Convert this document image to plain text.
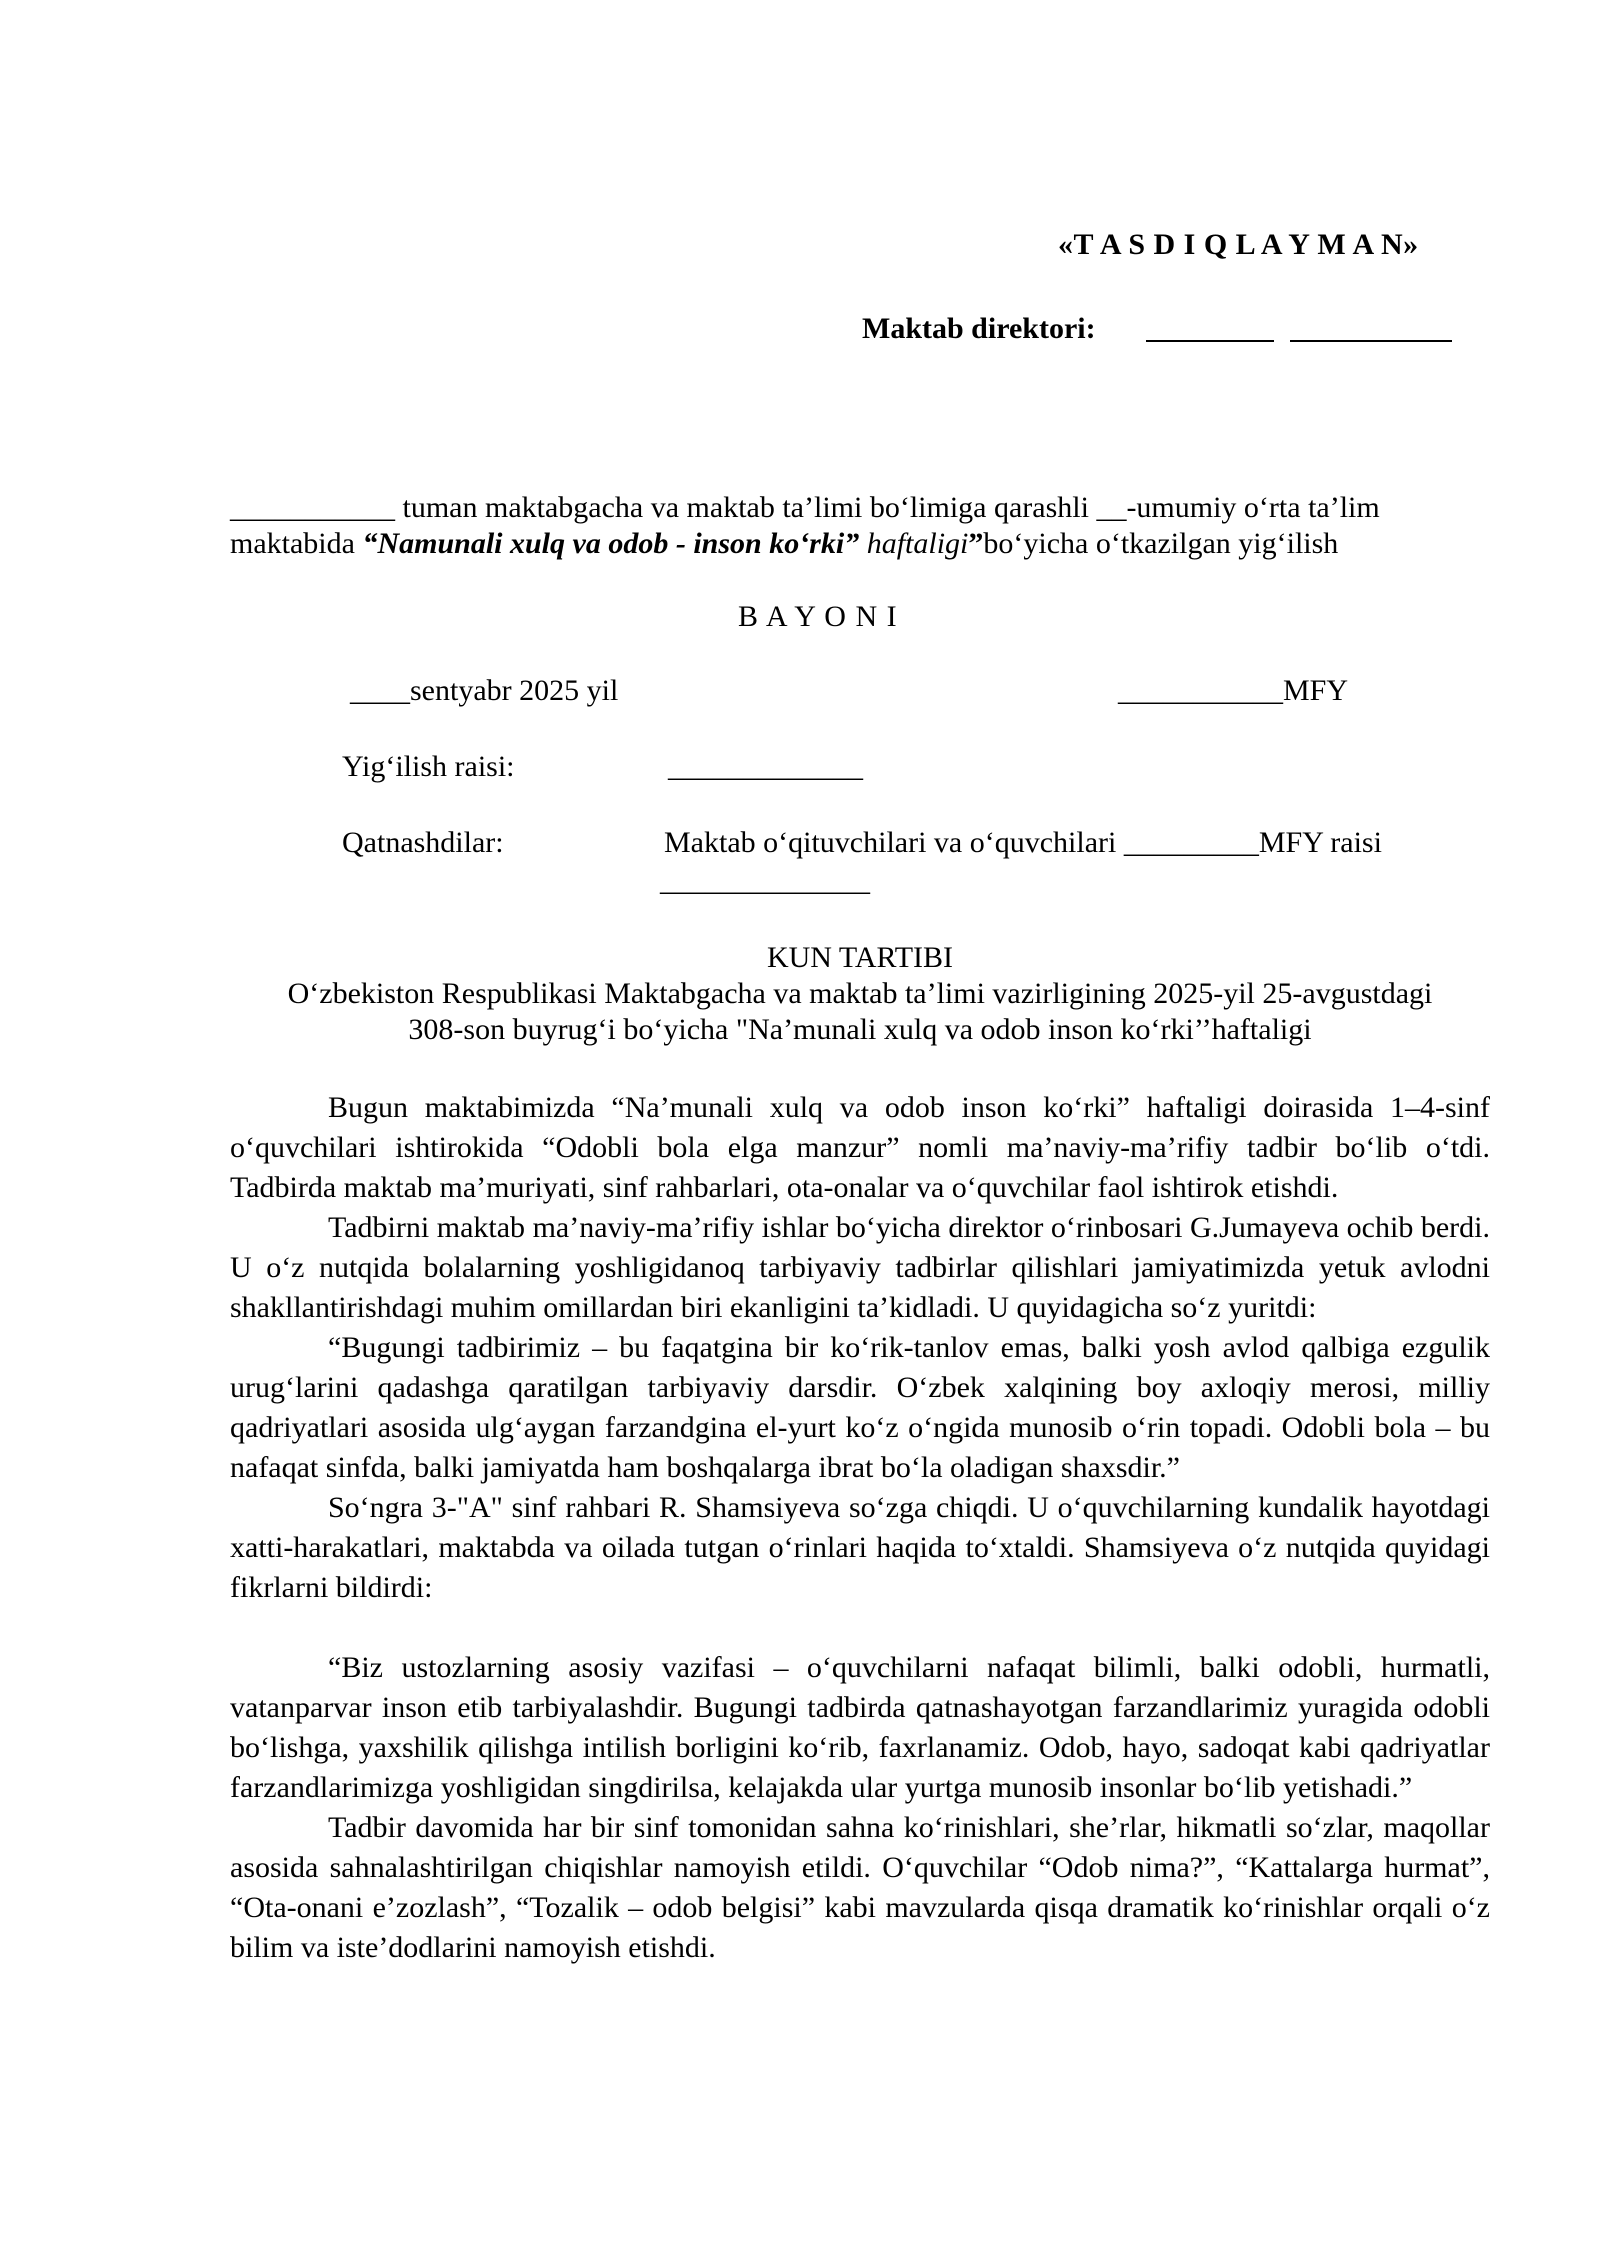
«T A S D I Q L A Y M A N»
Maktab direktori:
___________ tuman maktabgacha va maktab ta’limi bo‘limiga qarashli __-umumiy o‘rta ta’lim
maktabida “Namunali xulq va odob - inson ko‘rki” haftaligi”bo‘yicha o‘tkazilgan yig‘ilish
B A Y O N I
____sentyabr 2025 yil	___________MFY
Yig‘ilish raisi:	_____________
Qatnashdilar:	Maktab o‘qituvchilari va o‘quvchilari _________MFY raisi
______________
KUN TARTIBI
O‘zbekiston Respublikasi Maktabgacha va maktab ta’limi vazirligining 2025-yil 25-avgustdagi
308-son buyrug‘i bo‘yicha "Na’munali xulq va odob inson ko‘rki’’haftaligi

Bugun maktabimizda “Na’munali xulq va odob inson ko‘rki” haftaligi doirasida 1–4-sinf o‘quvchilari ishtirokida “Odobli bola elga manzur” nomli ma’naviy-ma’rifiy tadbir bo‘lib o‘tdi. Tadbirda maktab ma’muriyati, sinf rahbarlari, ota-onalar va o‘quvchilar faol ishtirok etishdi.

Tadbirni maktab ma’naviy-ma’rifiy ishlar bo‘yicha direktor o‘rinbosari G.Jumayeva ochib berdi. U o‘z nutqida bolalarning yoshligidanoq tarbiyaviy tadbirlar qilishlari jamiyatimizda yetuk avlodni shakllantirishdagi muhim omillardan biri ekanligini ta’kidladi. U quyidagicha so‘z yuritdi:

“Bugungi tadbirimiz – bu faqatgina bir ko‘rik-tanlov emas, balki yosh avlod qalbiga ezgulik urug‘larini qadashga qaratilgan tarbiyaviy darsdir. O‘zbek xalqining boy axloqiy merosi, milliy qadriyatlari asosida ulg‘aygan farzandgina el-yurt ko‘z o‘ngida munosib o‘rin topadi. Odobli bola – bu nafaqat sinfda, balki jamiyatda ham boshqalarga ibrat bo‘la oladigan shaxsdir.”

So‘ngra 3-"A" sinf rahbari R. Shamsiyeva so‘zga chiqdi. U o‘quvchilarning kundalik hayotdagi xatti-harakatlari, maktabda va oilada tutgan o‘rinlari haqida to‘xtaldi. Shamsiyeva o‘z nutqida quyidagi fikrlarni bildirdi:

“Biz ustozlarning asosiy vazifasi – o‘quvchilarni nafaqat bilimli, balki odobli, hurmatli, vatanparvar inson etib tarbiyalashdir. Bugungi tadbirda qatnashayotgan farzandlarimiz yuragida odobli bo‘lishga, yaxshilik qilishga intilish borligini ko‘rib, faxrlanamiz. Odob, hayo, sadoqat kabi qadriyatlar farzandlarimizga yoshligidan singdirilsa, kelajakda ular yurtga munosib insonlar bo‘lib yetishadi.”

Tadbir davomida har bir sinf tomonidan sahna ko‘rinishlari, she’rlar, hikmatli so‘zlar, maqollar asosida sahnalashtirilgan chiqishlar namoyish etildi. O‘quvchilar “Odob nima?”, “Kattalarga hurmat”, “Ota-onani e’zozlash”, “Tozalik – odob belgisi” kabi mavzularda qisqa dramatik ko‘rinishlar orqali o‘z bilim va iste’dodlarini namoyish etishdi.
